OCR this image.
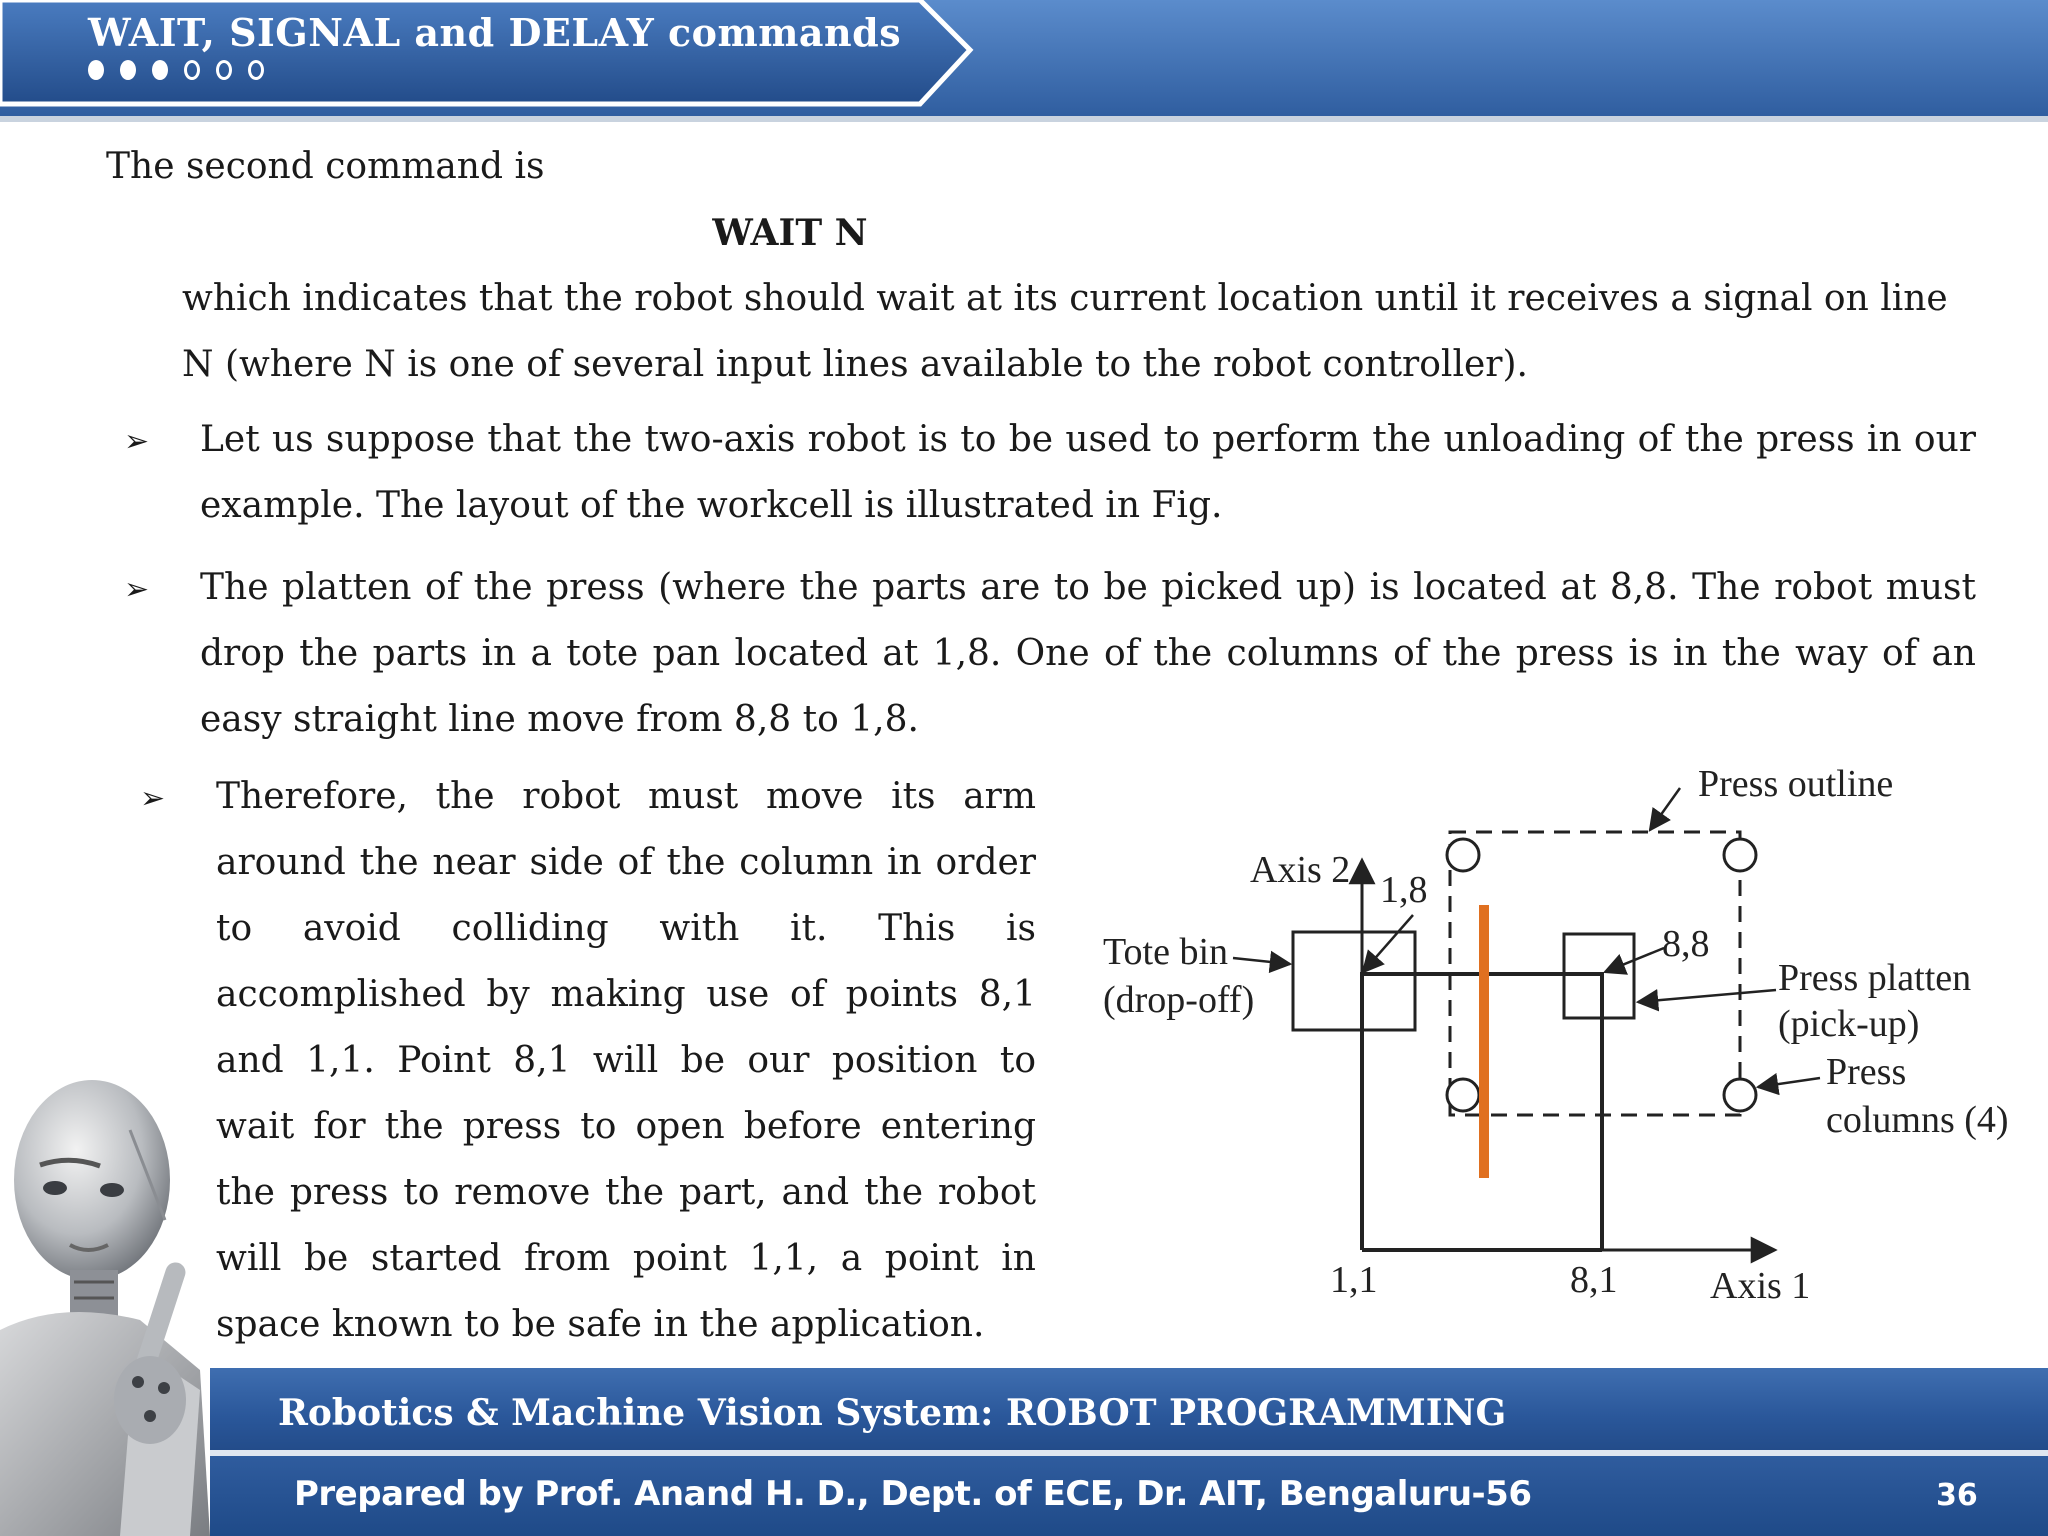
WAIT, SIGNAL and DELAY commands
The second command is
WAIT N
which indicates that the robot should wait at its current location until it receives a signal on line N (where N is one of several input lines available to the robot controller).
➢ Let us suppose that the two-axis robot is to be used to perform the unloading of the press in our example. The layout of the workcell is illustrated in Fig.
➢ The platten of the press (where the parts are to be picked up) is located at 8,8. The robot must drop the parts in a tote pan located at 1,8. One of the columns of the press is in the way of an easy straight line move from 8,8 to 1,8.
➢ Therefore, the robot must move its arm around the near side of the column in order to avoid colliding with it. This is accomplished by making use of points 8,1 and 1,1. Point 8,1 will be our position to wait for the press to open before entering the press to remove the part, and the robot will be started from point 1,1, a point in space known to be safe in the application.
Press outline
Axis 2 1,8
8,8
Tote bin
(drop-off)
Press platten
(pick-up)
Press
columns (4)
1,1	8,1 Axis 1
Robotics & Machine Vision System: ROBOT PROGRAMMING
Prepared by Prof. Anand H. D., Dept. of ECE, Dr. AIT, Bengaluru-56	36
